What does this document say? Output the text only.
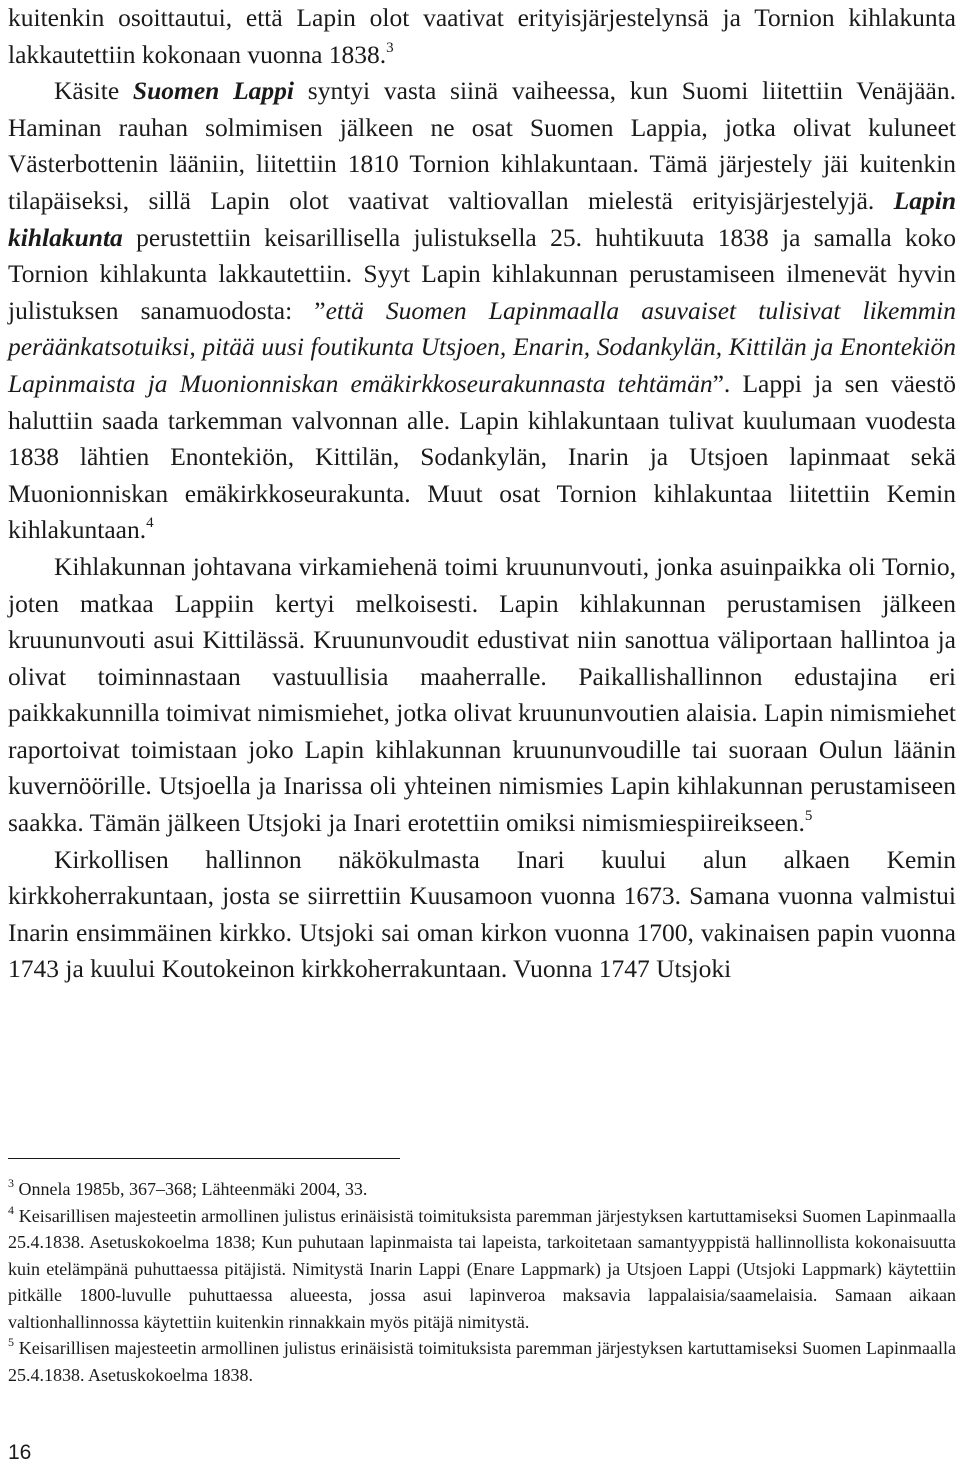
kuitenkin osoittautui, että Lapin olot vaativat erityisjärjestelynsä ja Tornion kihlakunta lakkautettiin kokonaan vuonna 1838.$^3$

Käsite Suomen Lappi syntyi vasta siinä vaiheessa, kun Suomi liitettiin Venäjään. Haminan rauhan solmimisen jälkeen ne osat Suomen Lappia, jotka olivat kuluneet Västerbottenin lääniin, liitettiin 1810 Tornion kihlakuntaan. Tämä järjestely jäi kuitenkin tilapäiseksi, sillä Lapin olot vaativat valtiovallan mielestä erityisjärjestelyjä. Lapin kihlakunta perustettiin keisarillisella julistuksella 25. huhtikuuta 1838 ja samalla koko Tornion kihlakunta lakkautettiin. Syyt Lapin kihlakunnan perustamiseen ilmenevät hyvin julistuksen sanamuodosta: ”että Suomen Lapinmaalla asuvaiset tulisivat likemmin peräänkatsotuiksi, pitää uusi foutikunta Utsjoen, Enarin, Sodankylän, Kittilän ja Enontekiön Lapinmaista ja Muonionniskan emäkirkkoseurakunnasta tehtämän”. Lappi ja sen väestö haluttiin saada tarkemman valvonnan alle. Lapin kihlakuntaan tulivat kuulumaan vuodesta 1838 lähtien Enontekiön, Kittilän, Sodankylän, Inarin ja Utsjoen lapinmaat sekä Muonionniskan emäkirkkoseurakunta. Muut osat Tornion kihlakuntaa liitettiin Kemin kihlakuntaan.$^4$

Kihlakunnan johtavana virkamiehenä toimi kruununvouti, jonka asuinpaikka oli Tornio, joten matkaa Lappiin kertyi melkoisesti. Lapin kihlakunnan perustamisen jälkeen kruununvouti asui Kittilässä. Kruununvoudit edustivat niin sanottua väliportaan hallintoa ja olivat toiminnastaan vastuullisia maaherralle. Paikallishallinnon edustajina eri paikkakunnilla toimivat nimismiehet, jotka olivat kruununvoutien alaisia. Lapin nimismiehet raportoivat toimistaan joko Lapin kihlakunnan kruununvoudille tai suoraan Oulun läänin kuvernöörille. Utsjoella ja Inarissa oli yhteinen nimismies Lapin kihlakunnan perustamiseen saakka. Tämän jälkeen Utsjoki ja Inari erotettiin omiksi nimismiespiireikseen.$^5$

Kirkollisen hallinnon näkökulmasta Inari kuului alun alkaen Kemin kirkkoherrakuntaan, josta se siirrettiin Kuusamoon vuonna 1673. Samana vuonna valmistui Inarin ensimmäinen kirkko. Utsjoki sai oman kirkon vuonna 1700, vakinaisen papin vuonna 1743 ja kuului Koutokeinon kirkkoherrakuntaan. Vuonna 1747 Utsjoki

$^3$ Onnela 1985b, 367–368; Lähteenmäki 2004, 33.

$^4$ Keisarillisen majesteetin armollinen julistus erinäisistä toimituksista paremman järjestyksen kartuttamiseksi Suomen Lapinmaalla 25.4.1838. Asetuskokoelma 1838; Kun puhutaan lapinmaista tai lapeista, tarkoitetaan samantyyppistä hallinnollista kokonaisuutta kuin etelämpänä puhuttaessa pitäjistä. Nimitystä Inarin Lappi (Enare Lappmark) ja Utsjoen Lappi (Utsjoki Lappmark) käytettiin pitkälle 1800-luvulle puhuttaessa alueesta, jossa asui lapinveroa maksavia lappalaisia/saamelaisia. Samaan aikaan valtionhallinnossa käytettiin kuitenkin rinnakkain myös pitäjä nimitystä.

$^5$ Keisarillisen majesteetin armollinen julistus erinäisistä toimituksista paremman järjestyksen kartuttamiseksi Suomen Lapinmaalla 25.4.1838. Asetuskokoelma 1838.

16
